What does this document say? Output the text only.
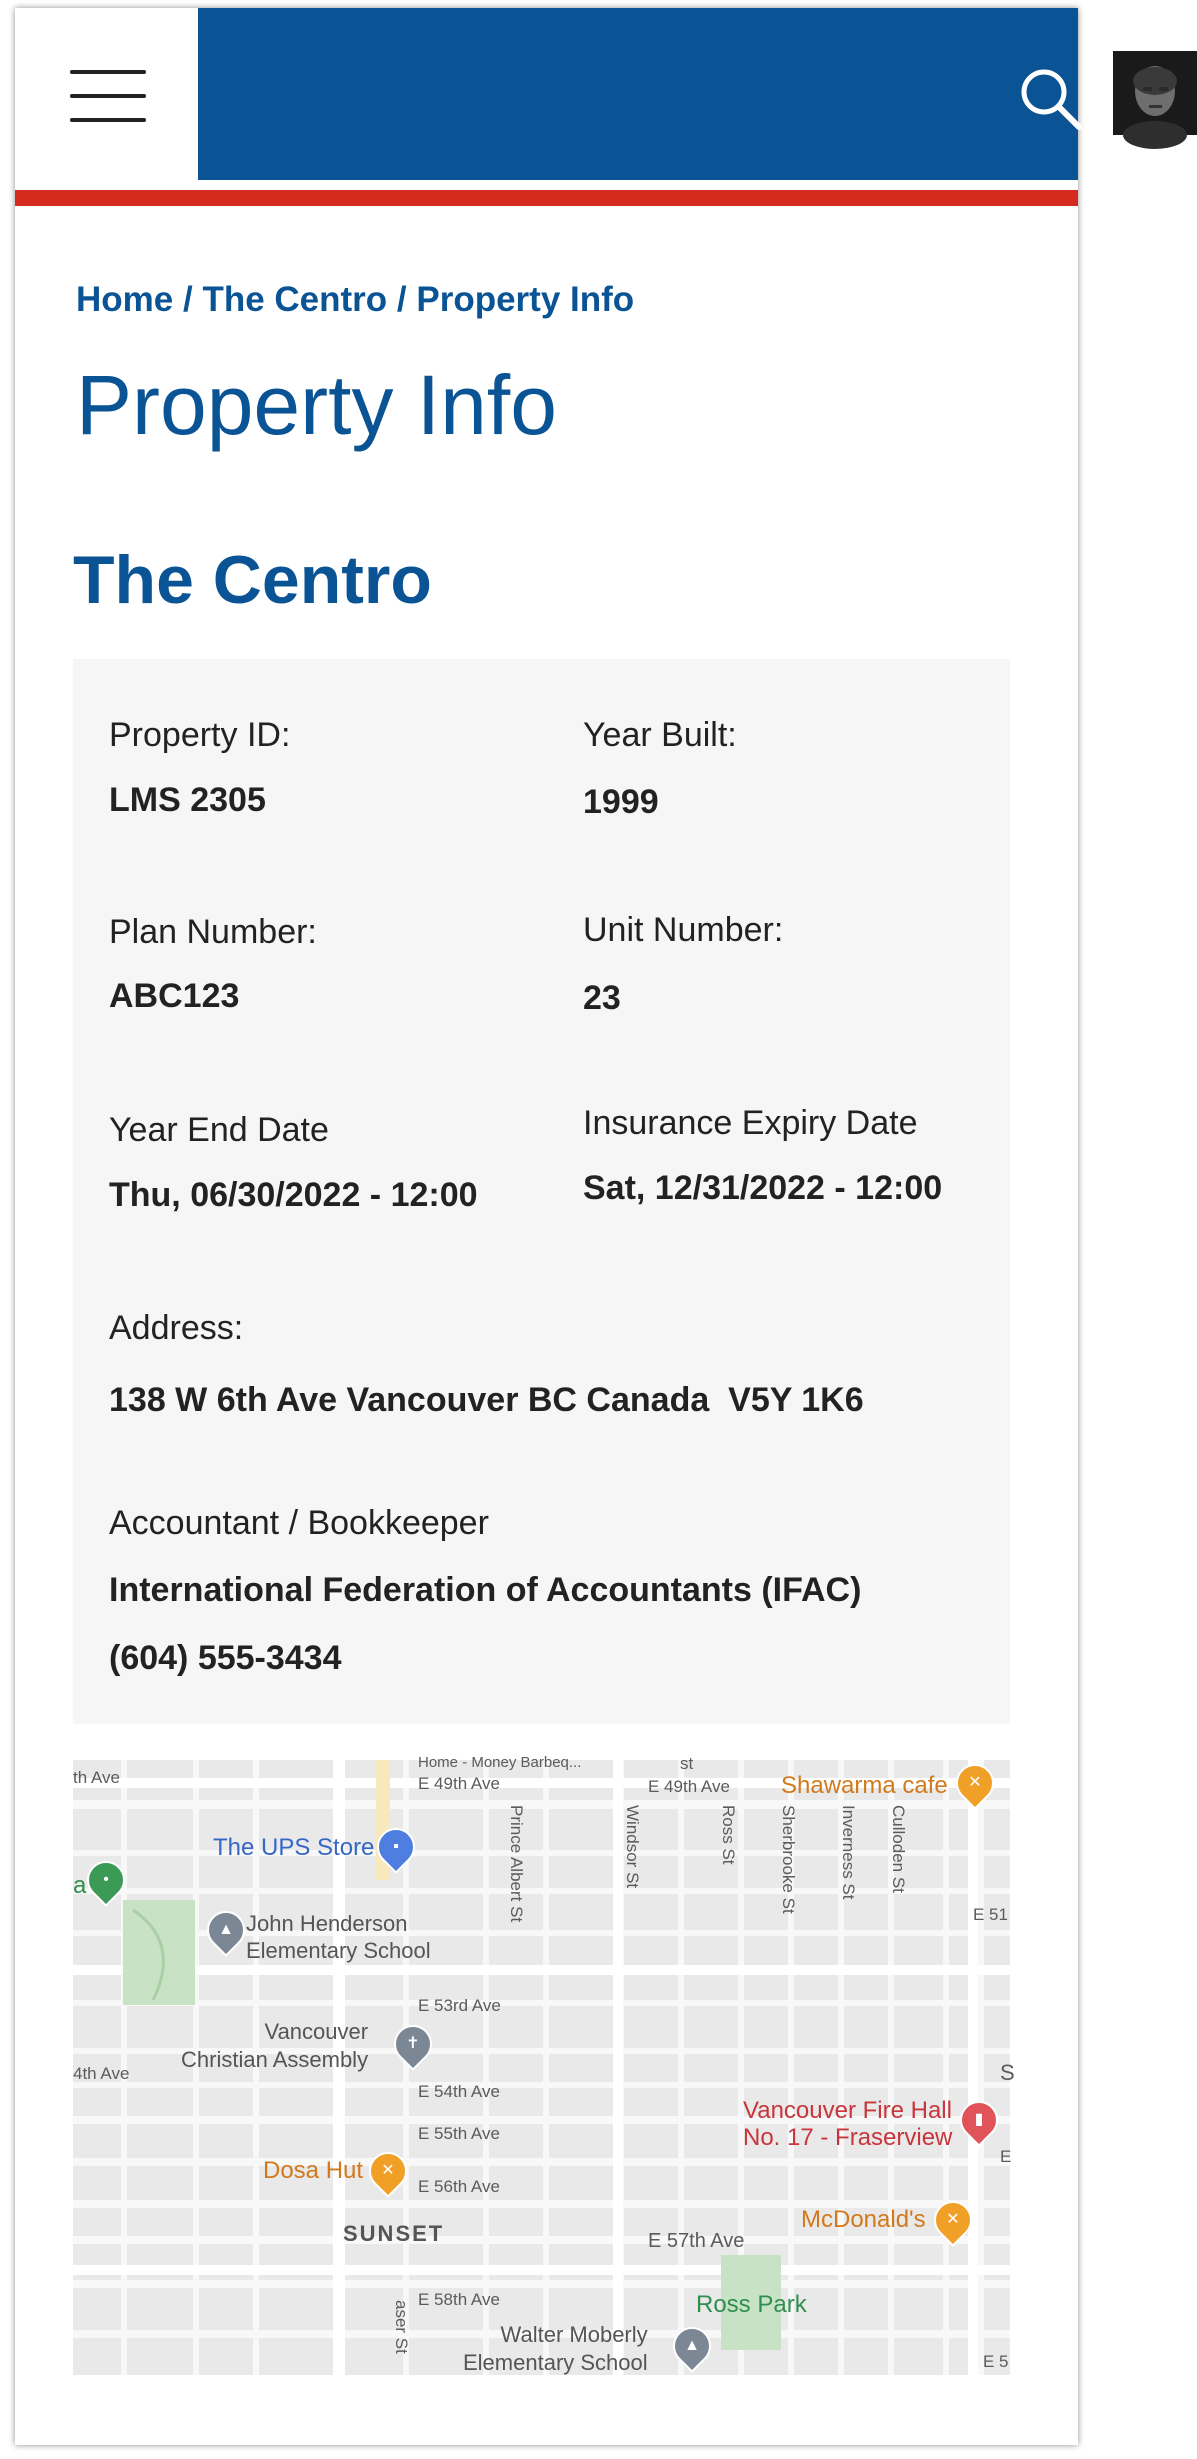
Home / The Centro / Property Info
Property Info
The Centro
Property ID:
LMS 2305
Year Built:
1999
Plan Number:
ABC123
Unit Number:
23
Year End Date
Thu, 06/30/2022 - 12:00
Insurance Expiry Date
Sat, 12/31/2022 - 12:00
Address:
138 W 6th Ave Vancouver BC Canada  V5Y 1K6
Accountant / Bookkeeper
International Federation of Accountants (IFAC)
(604) 555-3434
th Ave	E 49th Ave	E 49th Ave
Home - Money Barbeq...
E 53rd Ave
4th Ave
E 54th Ave
E 55th Ave
E 56th Ave
E 57th Ave
E 58th Ave
E 51
E 5
Prince Albert St	Windsor St	Ross St Sherbrooke St Inverness St Culloden St
aser St
st
The UPS Store	▪
Shawarma cafe ✕
a	•
John Henderson
Elementary School
▲
Vancouver
Christian Assembly
✝
Vancouver Fire Hall
No. 17 - Fraserview
▮
Dosa Hut ✕
McDonald's ✕
SUNSET
Ross Park
Walter Moberly
Elementary School
▲
S
E
